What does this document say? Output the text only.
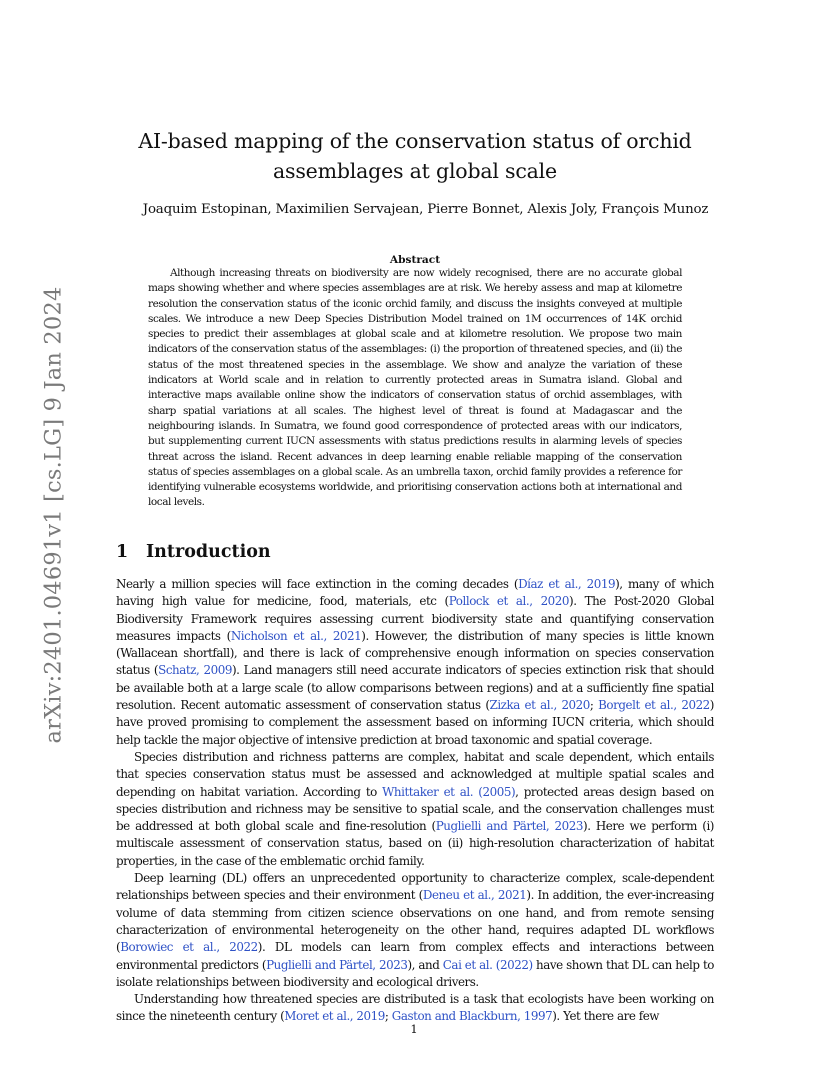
arXiv:2401.04691v1 [cs.LG] 9 Jan 2024
AI-based mapping of the conservation status of orchid
assemblages at global scale
Joaquim Estopinan, Maximilien Servajean, Pierre Bonnet, Alexis Joly, François Munoz
Abstract

Although increasing threats on biodiversity are now widely recognised, there are no accurate global maps showing whether and where species assemblages are at risk. We hereby assess and map at kilometre resolution the conservation status of the iconic orchid family, and discuss the insights conveyed at multiple scales. We introduce a new Deep Species Distribution Model trained on 1M occurrences of 14K orchid species to predict their assemblages at global scale and at kilometre resolution. We propose two main indicators of the conservation status of the assemblages: (i) the proportion of threatened species, and (ii) the status of the most threatened species in the assemblage. We show and analyze the variation of these indicators at World scale and in relation to currently protected areas in Sumatra island. Global and interactive maps available online show the indicators of conservation status of orchid assemblages, with sharp spatial variations at all scales. The highest level of threat is found at Madagascar and the neighbouring islands. In Sumatra, we found good correspondence of protected areas with our indicators, but supplementing current IUCN assessments with status predictions results in alarming levels of species threat across the island. Recent advances in deep learning enable reliable mapping of the conservation status of species assemblages on a global scale. As an umbrella taxon, orchid family provides a reference for identifying vulnerable ecosystems worldwide, and prioritising conservation actions both at international and local levels.

1 Introduction

Nearly a million species will face extinction in the coming decades (Díaz et al., 2019), many of which having high value for medicine, food, materials, etc (Pollock et al., 2020). The Post-2020 Global Biodiversity Framework requires assessing current biodiversity state and quantifying conservation measures impacts (Nicholson et al., 2021). However, the distribution of many species is little known (Wallacean shortfall), and there is lack of comprehensive enough information on species conservation status (Schatz, 2009). Land managers still need accurate indicators of species extinction risk that should be available both at a large scale (to allow comparisons between regions) and at a sufficiently fine spatial resolution. Recent automatic assessment of conservation status (Zizka et al., 2020; Borgelt et al., 2022) have proved promising to complement the assessment based on informing IUCN criteria, which should help tackle the major objective of intensive prediction at broad taxonomic and spatial coverage.

Species distribution and richness patterns are complex, habitat and scale dependent, which entails that species conservation status must be assessed and acknowledged at multiple spatial scales and depending on habitat variation. According to Whittaker et al. (2005), protected areas design based on species distribution and richness may be sensitive to spatial scale, and the conservation challenges must be addressed at both global scale and fine-resolution (Puglielli and Pärtel, 2023). Here we perform (i) multiscale assessment of conservation status, based on (ii) high-resolution characterization of habitat properties, in the case of the emblematic orchid family.

Deep learning (DL) offers an unprecedented opportunity to characterize complex, scale-dependent relationships between species and their environment (Deneu et al., 2021). In addition, the ever-increasing volume of data stemming from citizen science observations on one hand, and from remote sensing characterization of environmental heterogeneity on the other hand, requires adapted DL workflows (Borowiec et al., 2022). DL models can learn from complex effects and interactions between environmental predictors (Puglielli and Pärtel, 2023), and Cai et al. (2022) have shown that DL can help to isolate relationships between biodiversity and ecological drivers.

Understanding how threatened species are distributed is a task that ecologists have been working on since the nineteenth century (Moret et al., 2019; Gaston and Blackburn, 1997). Yet there are few

1
